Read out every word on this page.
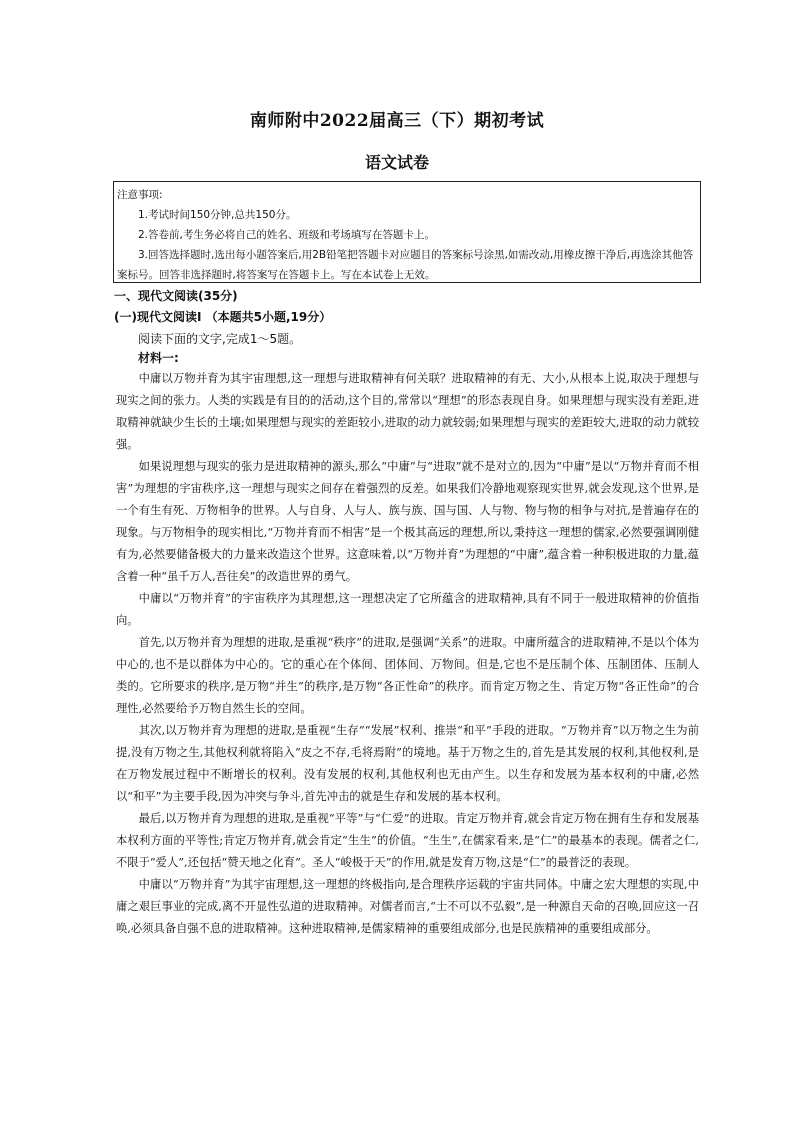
南师附中2022届高三（下）期初考试
语文试卷
注意事项:
1.考试时间150分钟,总共150分。
2.答卷前,考生务必将自己的姓名、班级和考场填写在答题卡上。
3.回答选择题时,选出每小题答案后,用2B铅笔把答题卡对应题目的答案标号涂黑,如需改动,用橡皮擦干净后,再选涂其他答案标号。回答非选择题时,将答案写在答题卡上。写在本试卷上无效。
一、现代文阅读(35分)
(一)现代文阅读Ⅰ （本题共5小题,19分）
阅读下面的文字,完成1～5题。
材料一:

中庸以万物并育为其宇宙理想,这一理想与进取精神有何关联？进取精神的有无、大小,从根本上说,取决于理想与现实之间的张力。人类的实践是有目的的活动,这个目的,常常以“理想”的形态表现自身。如果理想与现实没有差距,进取精神就缺少生长的土壤;如果理想与现实的差距较小,进取的动力就较弱;如果理想与现实的差距较大,进取的动力就较强。

如果说理想与现实的张力是进取精神的源头,那么“中庸”与“进取”就不是对立的,因为“中庸”是以“万物并育而不相害”为理想的宇宙秩序,这一理想与现实之间存在着强烈的反差。如果我们冷静地观察现实世界,就会发现,这个世界,是一个有生有死、万物相争的世界。人与自身、人与人、族与族、国与国、人与物、物与物的相争与对抗,是普遍存在的现象。与万物相争的现实相比,“万物并育而不相害”是一个极其高远的理想,所以,秉持这一理想的儒家,必然要强调刚健有为,必然要储备极大的力量来改造这个世界。这意味着,以“万物并育”为理想的“中庸”,蕴含着一种积极进取的力量,蕴含着一种“虽千万人,吾往矣”的改造世界的勇气。

中庸以“万物并育”的宇宙秩序为其理想,这一理想决定了它所蕴含的进取精神,具有不同于一般进取精神的价值指向。

首先,以万物并育为理想的进取,是重视“秩序”的进取,是强调“关系”的进取。中庸所蕴含的进取精神,不是以个体为中心的,也不是以群体为中心的。它的重心在个体间、团体间、万物间。但是,它也不是压制个体、压制团体、压制人类的。它所要求的秩序,是万物“并生”的秩序,是万物“各正性命”的秩序。而肯定万物之生、肯定万物“各正性命”的合理性,必然要给予万物自然生长的空间。

其次,以万物并育为理想的进取,是重视“生存”“发展”权利、推崇“和平”手段的进取。“万物并育”以万物之生为前提,没有万物之生,其他权利就将陷入“皮之不存,毛将焉附”的境地。基于万物之生的,首先是其发展的权利,其他权利,是在万物发展过程中不断增长的权利。没有发展的权利,其他权利也无由产生。以生存和发展为基本权利的中庸,必然以“和平”为主要手段,因为冲突与争斗,首先冲击的就是生存和发展的基本权利。

最后,以万物并育为理想的进取,是重视“平等”与“仁爱”的进取。肯定万物并育,就会肯定万物在拥有生存和发展基本权利方面的平等性;肯定万物并育,就会肯定“生生”的价值。“生生”,在儒家看来,是“仁”的最基本的表现。儒者之仁,不限于“爱人”,还包括“赞天地之化育”。圣人“峻极于天”的作用,就是发育万物,这是“仁”的最普泛的表现。

中庸以“万物并育”为其宇宙理想,这一理想的终极指向,是合理秩序运载的宇宙共同体。中庸之宏大理想的实现,中庸之艰巨事业的完成,离不开显性弘道的进取精神。对儒者而言,“士不可以不弘毅”,是一种源自天命的召唤,回应这一召唤,必须具备自强不息的进取精神。这种进取精神,是儒家精神的重要组成部分,也是民族精神的重要组成部分。
